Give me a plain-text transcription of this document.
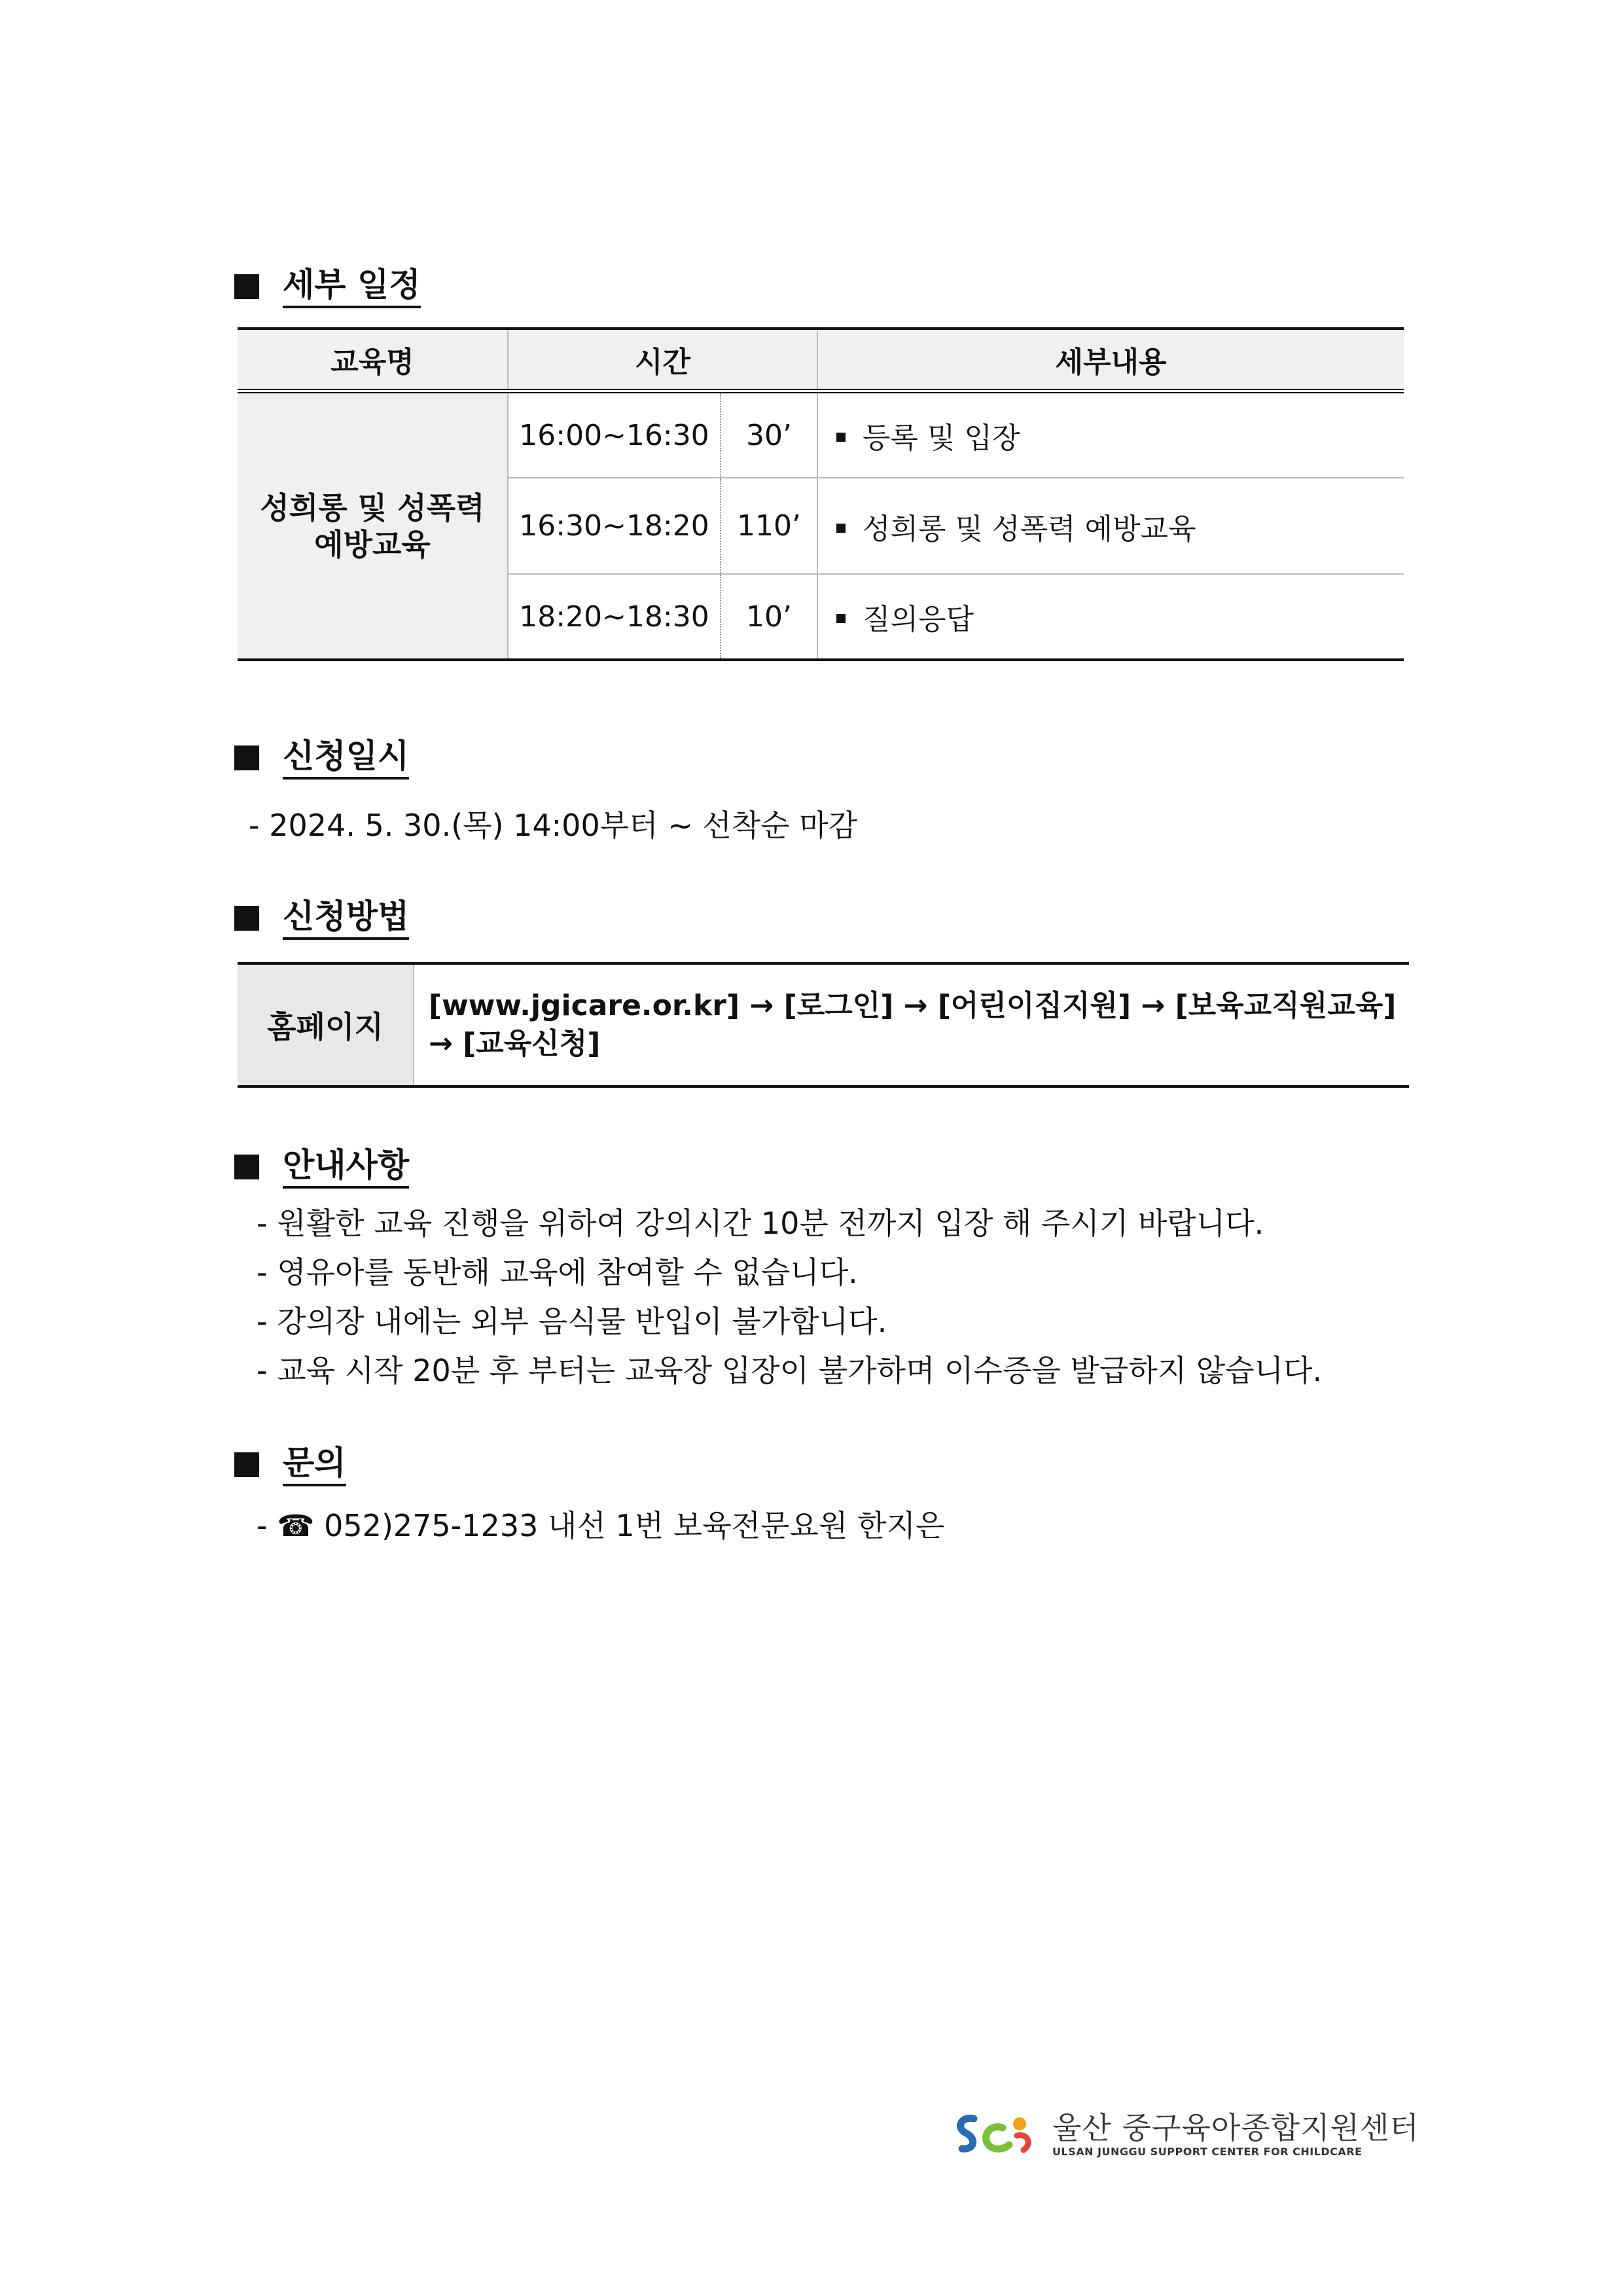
세부 일정
교육명	시간		세부내용

성희롱 및 성폭력
예방교육	16:00~16:30	30’	등록 및 입장
	16:30~18:20	110’	성희롱 및 성폭력 예방교육
	18:20~18:30	10’	질의응답
신청일시
- 2024. 5. 30.(목) 14:00부터 ~ 선착순 마감
신청방법
홈페이지	
[www.jgicare.or.kr] → [로그인] → [어린이집지원] → [보육교직원교육]
→ [교육신청]
안내사항
- 원활한 교육 진행을 위하여 강의시간 10분 전까지 입장 해 주시기 바랍니다.
- 영유아를 동반해 교육에 참여할 수 없습니다.
- 강의장 내에는 외부 음식물 반입이 불가합니다.
- 교육 시작 20분 후 부터는 교육장 입장이 불가하며 이수증을 발급하지 않습니다.
문의
- ☎ 052)275-1233 내선 1번 보육전문요원 한지은
울산 중구육아종합지원센터
ULSAN JUNGGU SUPPORT CENTER FOR CHILDCARE
